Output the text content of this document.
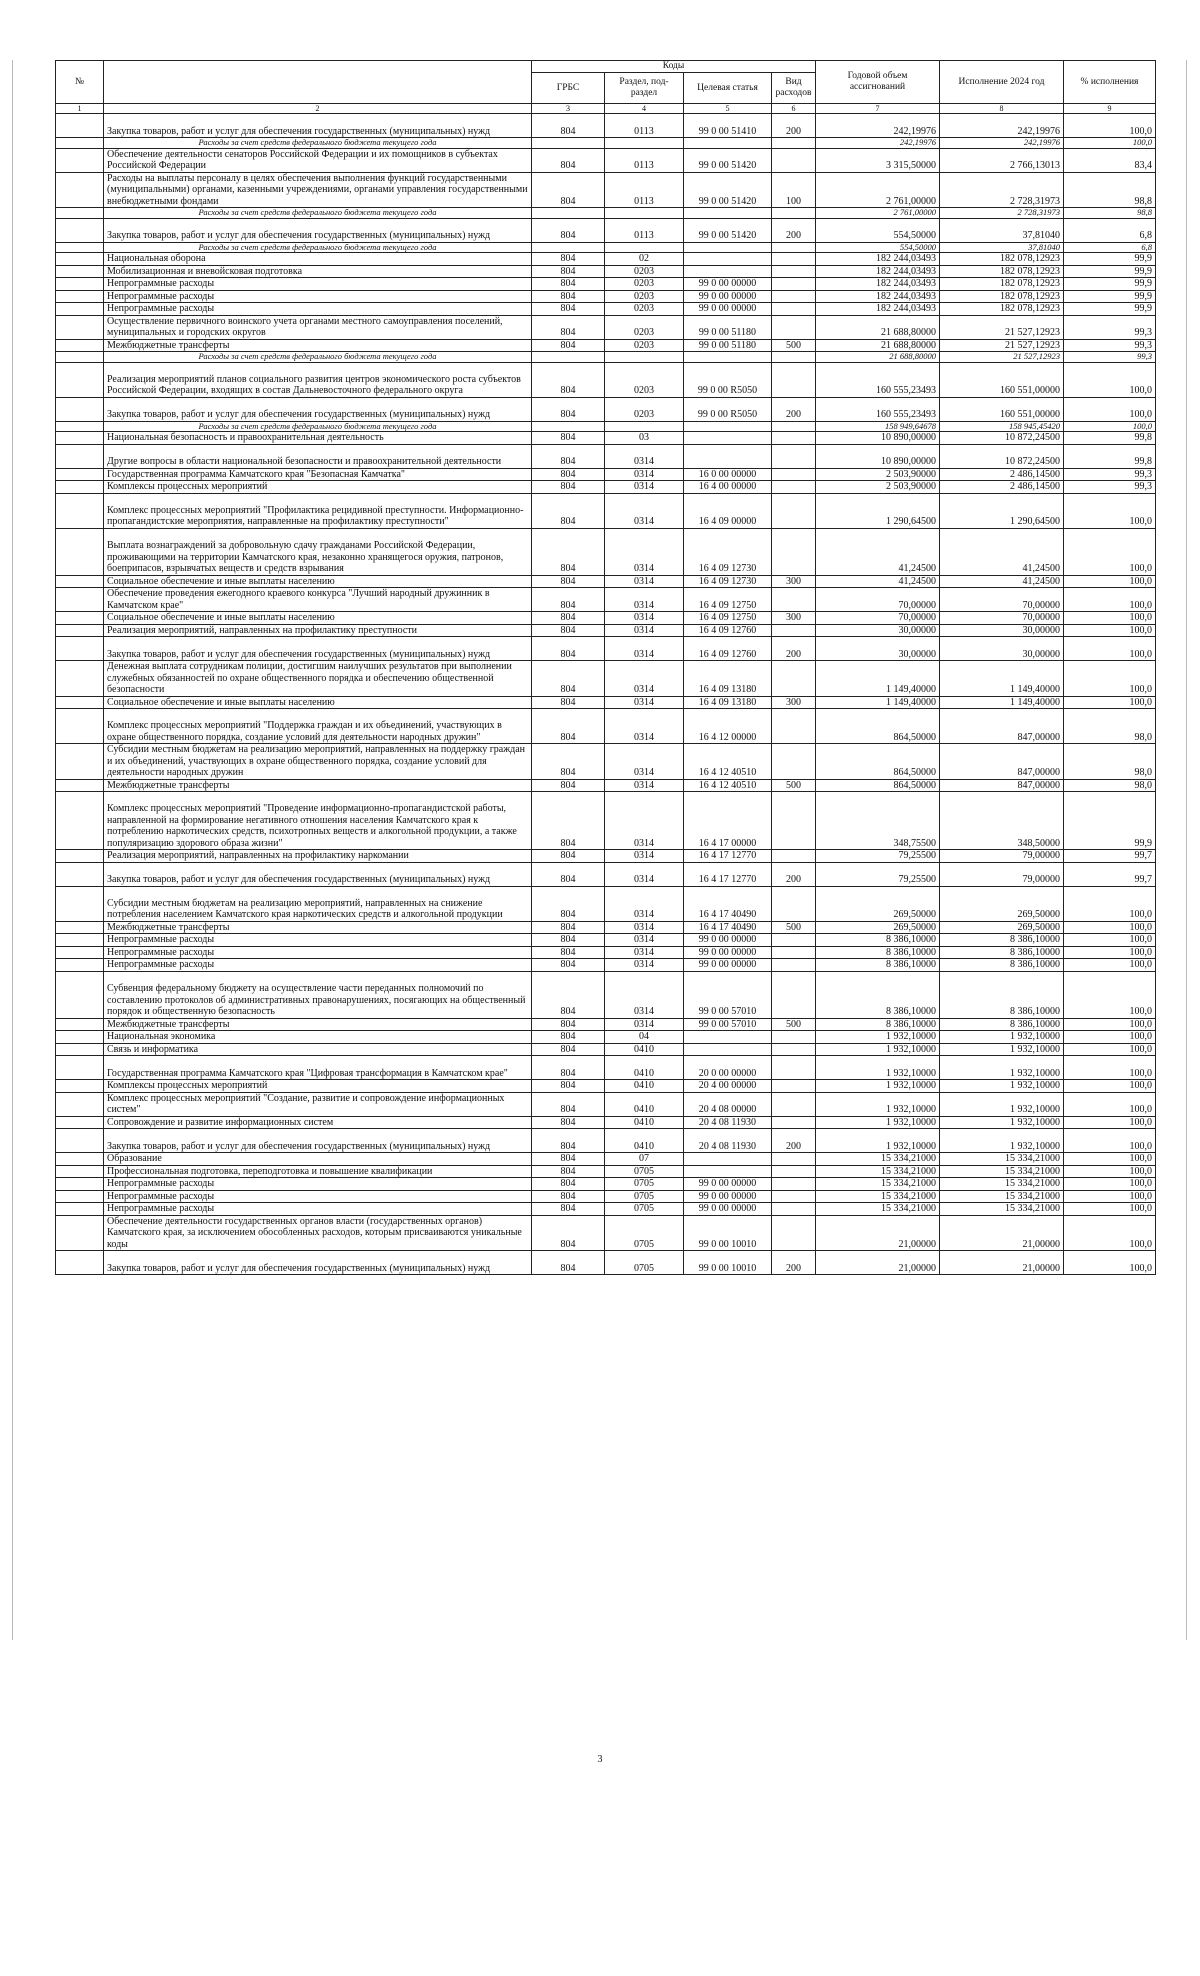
№		Коды				Годовой объем ассигнований	Исполнение 2024 год	% исполнения
		ГРБС	Раздел, под-раздел	Целевая статья	Вид расходов			
1	2	3	4	5	6	7	8	9
	Закупка товаров, работ и услуг для обеспечения государственных (муниципальных) нужд	804	0113	99 0 00 51410	200	242,19976	242,19976	100,0
	Расходы за счет средств федерального бюджета текущего года					242,19976	242,19976	100,0
	Обеспечение деятельности сенаторов Российской Федерации и их помощников в субъектах Российской Федерации	804	0113	99 0 00 51420		3 315,50000	2 766,13013	83,4
	Расходы на выплаты персоналу в целях обеспечения выполнения функций государственными (муниципальными) органами, казенными учреждениями, органами управления государственными внебюджетными фондами	804	0113	99 0 00 51420	100	2 761,00000	2 728,31973	98,8
	Расходы за счет средств федерального бюджета текущего года					2 761,00000	2 728,31973	98,8
	Закупка товаров, работ и услуг для обеспечения государственных (муниципальных) нужд	804	0113	99 0 00 51420	200	554,50000	37,81040	6,8
	Расходы за счет средств федерального бюджета текущего года					554,50000	37,81040	6,8
	Национальная оборона	804	02			182 244,03493	182 078,12923	99,9
	Мобилизационная и вневойсковая подготовка	804	0203			182 244,03493	182 078,12923	99,9
	Непрограммные расходы	804	0203	99 0 00 00000		182 244,03493	182 078,12923	99,9
	Непрограммные расходы	804	0203	99 0 00 00000		182 244,03493	182 078,12923	99,9
	Непрограммные расходы	804	0203	99 0 00 00000		182 244,03493	182 078,12923	99,9
	Осуществление первичного воинского учета органами местного самоуправления поселений, муниципальных и городских округов	804	0203	99 0 00 51180		21 688,80000	21 527,12923	99,3
	Межбюджетные трансферты	804	0203	99 0 00 51180	500	21 688,80000	21 527,12923	99,3
	Расходы за счет средств федерального бюджета текущего года					21 688,80000	21 527,12923	99,3
	Реализация мероприятий планов социального развития центров экономического роста субъектов Российской Федерации, входящих в состав Дальневосточного федерального округа	804	0203	99 0 00 R5050		160 555,23493	160 551,00000	100,0
	Закупка товаров, работ и услуг для обеспечения государственных (муниципальных) нужд	804	0203	99 0 00 R5050	200	160 555,23493	160 551,00000	100,0
	Расходы за счет средств федерального бюджета текущего года					158 949,64678	158 945,45420	100,0
	Национальная безопасность и правоохранительная деятельность	804	03			10 890,00000	10 872,24500	99,8
	Другие вопросы в области национальной безопасности и правоохранительной деятельности	804	0314			10 890,00000	10 872,24500	99,8
	Государственная программа Камчатского края "Безопасная Камчатка"	804	0314	16 0 00 00000		2 503,90000	2 486,14500	99,3
	Комплексы процессных мероприятий	804	0314	16 4 00 00000		2 503,90000	2 486,14500	99,3
	Комплекс процессных мероприятий "Профилактика рецидивной преступности. Информационно-пропагандистские мероприятия, направленные на профилактику преступности"	804	0314	16 4 09 00000		1 290,64500	1 290,64500	100,0
	Выплата вознаграждений за добровольную сдачу гражданами Российской Федерации, проживающими на территории Камчатского края, незаконно хранящегося оружия, патронов, боеприпасов, взрывчатых веществ и средств взрывания	804	0314	16 4 09 12730		41,24500	41,24500	100,0
	Социальное обеспечение и иные выплаты населению	804	0314	16 4 09 12730	300	41,24500	41,24500	100,0
	Обеспечение проведения ежегодного краевого конкурса "Лучший народный дружинник в Камчатском крае"	804	0314	16 4 09 12750		70,00000	70,00000	100,0
	Социальное обеспечение и иные выплаты населению	804	0314	16 4 09 12750	300	70,00000	70,00000	100,0
	Реализация мероприятий, направленных на профилактику преступности	804	0314	16 4 09 12760		30,00000	30,00000	100,0
	Закупка товаров, работ и услуг для обеспечения государственных (муниципальных) нужд	804	0314	16 4 09 12760	200	30,00000	30,00000	100,0
	Денежная выплата сотрудникам полиции, достигшим наилучших результатов при выполнении служебных обязанностей по охране общественного порядка и обеспечению общественной безопасности	804	0314	16 4 09 13180		1 149,40000	1 149,40000	100,0
	Социальное обеспечение и иные выплаты населению	804	0314	16 4 09 13180	300	1 149,40000	1 149,40000	100,0
	Комплекс процессных мероприятий "Поддержка граждан и их объединений, участвующих в охране общественного порядка, создание условий для деятельности народных дружин"	804	0314	16 4 12 00000		864,50000	847,00000	98,0
	Субсидии местным бюджетам на реализацию мероприятий, направленных на поддержку граждан и их объединений, участвующих в охране общественного порядка, создание условий для деятельности народных дружин	804	0314	16 4 12 40510		864,50000	847,00000	98,0
	Межбюджетные трансферты	804	0314	16 4 12 40510	500	864,50000	847,00000	98,0
	Комплекс процессных мероприятий "Проведение информационно-пропагандистской работы, направленной на формирование негативного отношения населения Камчатского края к потреблению наркотических средств, психотропных веществ и алкогольной продукции, а также популяризацию здорового образа жизни"	804	0314	16 4 17 00000		348,75500	348,50000	99,9
	Реализация мероприятий, направленных на профилактику наркомании	804	0314	16 4 17 12770		79,25500	79,00000	99,7
	Закупка товаров, работ и услуг для обеспечения государственных (муниципальных) нужд	804	0314	16 4 17 12770	200	79,25500	79,00000	99,7
	Субсидии местным бюджетам на реализацию мероприятий, направленных на снижение потребления населением Камчатского края наркотических средств и алкогольной продукции	804	0314	16 4 17 40490		269,50000	269,50000	100,0
	Межбюджетные трансферты	804	0314	16 4 17 40490	500	269,50000	269,50000	100,0
	Непрограммные расходы	804	0314	99 0 00 00000		8 386,10000	8 386,10000	100,0
	Непрограммные расходы	804	0314	99 0 00 00000		8 386,10000	8 386,10000	100,0
	Непрограммные расходы	804	0314	99 0 00 00000		8 386,10000	8 386,10000	100,0
	Субвенция федеральному бюджету на осуществление части переданных полномочий по составлению протоколов об административных правонарушениях, посягающих на общественный порядок и общественную безопасность	804	0314	99 0 00 57010		8 386,10000	8 386,10000	100,0
	Межбюджетные трансферты	804	0314	99 0 00 57010	500	8 386,10000	8 386,10000	100,0
	Национальная экономика	804	04			1 932,10000	1 932,10000	100,0
	Связь и информатика	804	0410			1 932,10000	1 932,10000	100,0
	Государственная программа Камчатского края "Цифровая трансформация в Камчатском крае"	804	0410	20 0 00 00000		1 932,10000	1 932,10000	100,0
	Комплексы процессных мероприятий	804	0410	20 4 00 00000		1 932,10000	1 932,10000	100,0
	Комплекс процессных мероприятий "Создание, развитие и сопровождение информационных систем"	804	0410	20 4 08 00000		1 932,10000	1 932,10000	100,0
	Сопровождение и развитие информационных систем	804	0410	20 4 08 11930		1 932,10000	1 932,10000	100,0
	Закупка товаров, работ и услуг для обеспечения государственных (муниципальных) нужд	804	0410	20 4 08 11930	200	1 932,10000	1 932,10000	100,0
	Образование	804	07			15 334,21000	15 334,21000	100,0
	Профессиональная подготовка, переподготовка и повышение квалификации	804	0705			15 334,21000	15 334,21000	100,0
	Непрограммные расходы	804	0705	99 0 00 00000		15 334,21000	15 334,21000	100,0
	Непрограммные расходы	804	0705	99 0 00 00000		15 334,21000	15 334,21000	100,0
	Непрограммные расходы	804	0705	99 0 00 00000		15 334,21000	15 334,21000	100,0
	Обеспечение деятельности государственных органов власти (государственных органов) Камчатского края, за исключением обособленных расходов, которым присваиваются уникальные коды	804	0705	99 0 00 10010		21,00000	21,00000	100,0
	Закупка товаров, работ и услуг для обеспечения государственных (муниципальных) нужд	804	0705	99 0 00 10010	200	21,00000	21,00000	100,0
3
